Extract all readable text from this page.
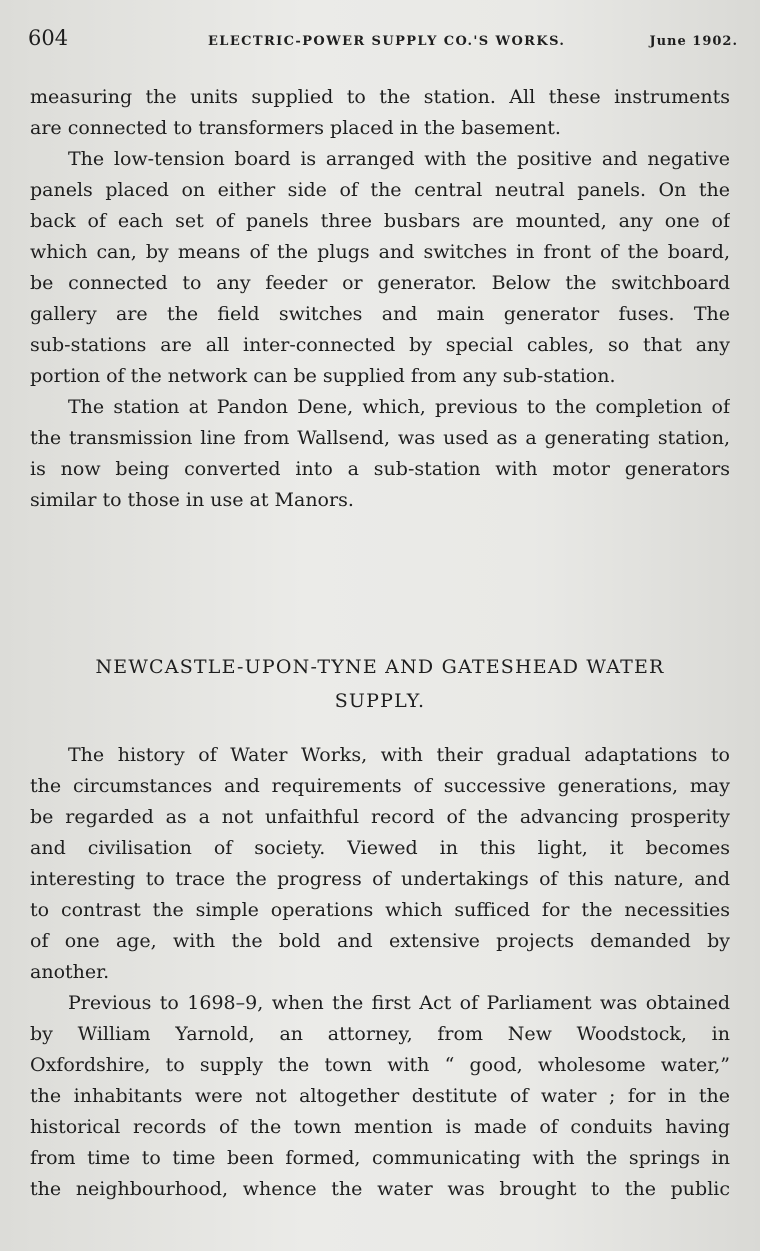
604	ELECTRIC-POWER SUPPLY CO.'S WORKS.	June 1902.
measuring the units supplied to the station. All these instruments
are connected to transformers placed in the basement.
The low-tension board is arranged with the positive and negative
panels placed on either side of the central neutral panels. On the
back of each set of panels three busbars are mounted, any one of
which can, by means of the plugs and switches in front of the board,
be connected to any feeder or generator. Below the switchboard
gallery are the field switches and main generator fuses. The
sub-stations are all inter-connected by special cables, so that any
portion of the network can be supplied from any sub-station.
The station at Pandon Dene, which, previous to the completion of
the transmission line from Wallsend, was used as a generating station,
is now being converted into a sub-station with motor generators
similar to those in use at Manors.
NEWCASTLE-UPON-TYNE AND GATESHEAD WATER
SUPPLY.
The history of Water Works, with their gradual adaptations to
the circumstances and requirements of successive generations, may
be regarded as a not unfaithful record of the advancing prosperity
and civilisation of society. Viewed in this light, it becomes
interesting to trace the progress of undertakings of this nature, and
to contrast the simple operations which sufficed for the necessities
of one age, with the bold and extensive projects demanded by
another.
Previous to 1698–9, when the first Act of Parliament was obtained
by William Yarnold, an attorney, from New Woodstock, in
Oxfordshire, to supply the town with “ good, wholesome water,”
the inhabitants were not altogether destitute of water ; for in the
historical records of the town mention is made of conduits having
from time to time been formed, communicating with the springs in
the neighbourhood, whence the water was brought to the public
